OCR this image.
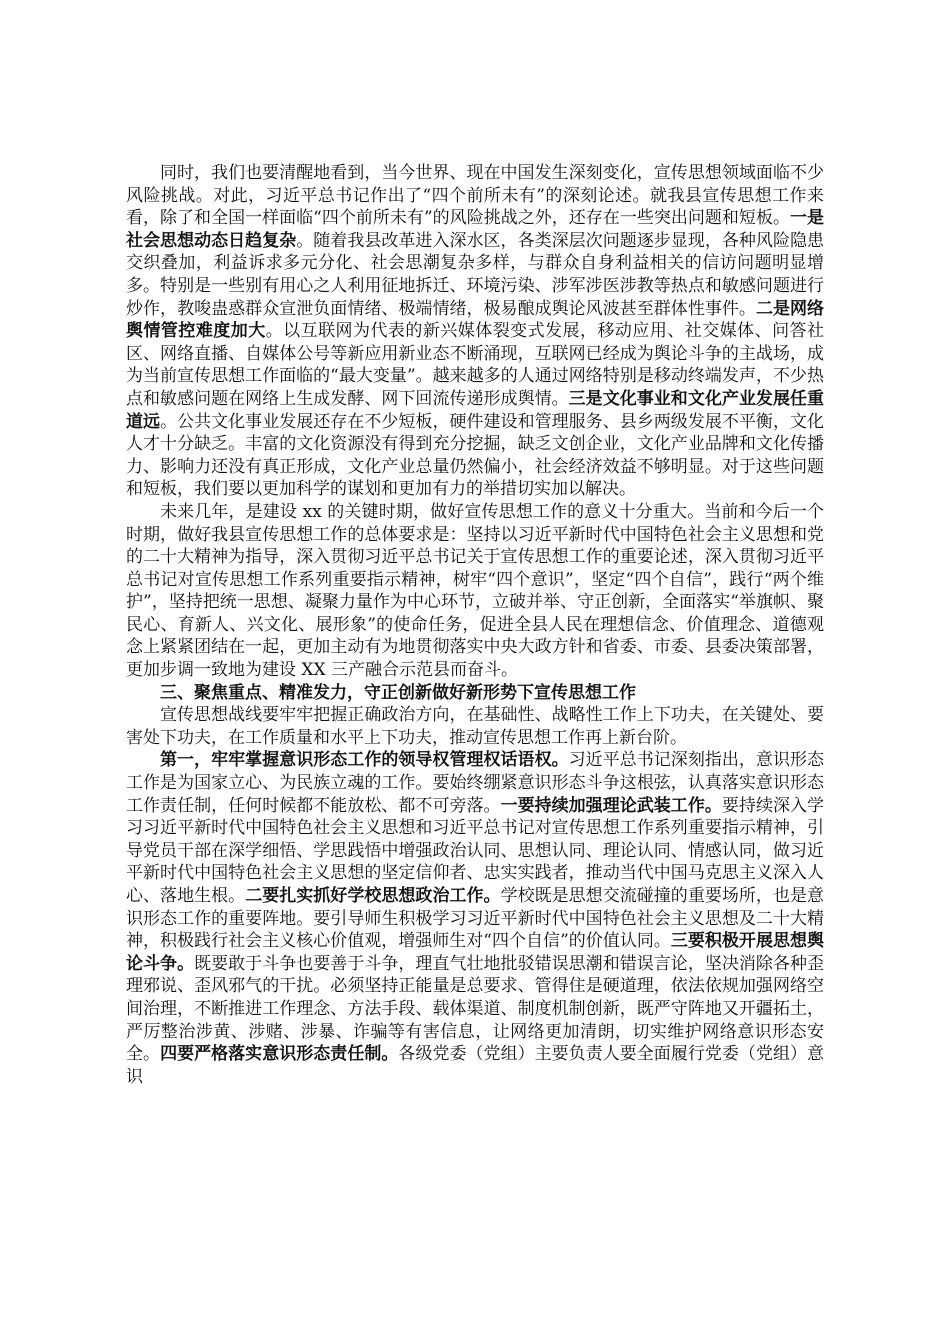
同时，我们也要清醒地看到，当今世界、现在中国发生深刻变化，宣传思想领域面临不少风险挑战。对此，习近平总书记作出了“四个前所未有”的深刻论述。就我县宣传思想工作来看，除了和全国一样面临“四个前所未有”的风险挑战之外，还存在一些突出问题和短板。一是社会思想动态日趋复杂。随着我县改革进入深水区，各类深层次问题逐步显现，各种风险隐患交织叠加，利益诉求多元分化、社会思潮复杂多样，与群众自身利益相关的信访问题明显增多。特别是一些别有用心之人利用征地拆迁、环境污染、涉军涉医涉教等热点和敏感问题进行炒作，教唆蛊惑群众宣泄负面情绪、极端情绪，极易酿成舆论风波甚至群体性事件。二是网络舆情管控难度加大。以互联网为代表的新兴媒体裂变式发展，移动应用、社交媒体、问答社区、网络直播、自媒体公号等新应用新业态不断涌现，互联网已经成为舆论斗争的主战场，成为当前宣传思想工作面临的“最大变量”。越来越多的人通过网络特别是移动终端发声，不少热点和敏感问题在网络上生成发酵、网下回流传递形成舆情。三是文化事业和文化产业发展任重道远。公共文化事业发展还存在不少短板，硬件建设和管理服务、县乡两级发展不平衡，文化人才十分缺乏。丰富的文化资源没有得到充分挖掘，缺乏文创企业，文化产业品牌和文化传播力、影响力还没有真正形成，文化产业总量仍然偏小，社会经济效益不够明显。对于这些问题和短板，我们要以更加科学的谋划和更加有力的举措切实加以解决。

未来几年，是建设 xx 的关键时期，做好宣传思想工作的意义十分重大。当前和今后一个时期，做好我县宣传思想工作的总体要求是：坚持以习近平新时代中国特色社会主义思想和党的二十大精神为指导，深入贯彻习近平总书记关于宣传思想工作的重要论述，深入贯彻习近平总书记对宣传思想工作系列重要指示精神，树牢“四个意识”，坚定“四个自信”，践行“两个维护”，坚持把统一思想、凝聚力量作为中心环节，立破并举、守正创新，全面落实“举旗帜、聚民心、育新人、兴文化、展形象”的使命任务，促进全县人民在理想信念、价值理念、道德观念上紧紧团结在一起，更加主动有为地贯彻落实中央大政方针和省委、市委、县委决策部署，更加步调一致地为建设 XX 三产融合示范县而奋斗。

三、聚焦重点、精准发力，守正创新做好新形势下宣传思想工作

宣传思想战线要牢牢把握正确政治方向，在基础性、战略性工作上下功夫，在关键处、要害处下功夫，在工作质量和水平上下功夫，推动宣传思想工作再上新台阶。

第一，牢牢掌握意识形态工作的领导权管理权话语权。习近平总书记深刻指出，意识形态工作是为国家立心、为民族立魂的工作。要始终绷紧意识形态斗争这根弦，认真落实意识形态工作责任制，任何时候都不能放松、都不可旁落。一要持续加强理论武装工作。要持续深入学习习近平新时代中国特色社会主义思想和习近平总书记对宣传思想工作系列重要指示精神，引导党员干部在深学细悟、学思践悟中增强政治认同、思想认同、理论认同、情感认同，做习近平新时代中国特色社会主义思想的坚定信仰者、忠实实践者，推动当代中国马克思主义深入人心、落地生根。二要扎实抓好学校思想政治工作。学校既是思想交流碰撞的重要场所，也是意识形态工作的重要阵地。要引导师生积极学习习近平新时代中国特色社会主义思想及二十大精神，积极践行社会主义核心价值观，增强师生对“四个自信”的价值认同。三要积极开展思想舆论斗争。既要敢于斗争也要善于斗争，理直气壮地批驳错误思潮和错误言论，坚决消除各种歪理邪说、歪风邪气的干扰。必须坚持正能量是总要求、管得住是硬道理，依法依规加强网络空间治理，不断推进工作理念、方法手段、载体渠道、制度机制创新，既严守阵地又开疆拓土，严厉整治涉黄、涉赌、涉暴、诈骗等有害信息，让网络更加清朗，切实维护网络意识形态安全。四要严格落实意识形态责任制。各级党委（党组）主要负责人要全面履行党委（党组）意识
